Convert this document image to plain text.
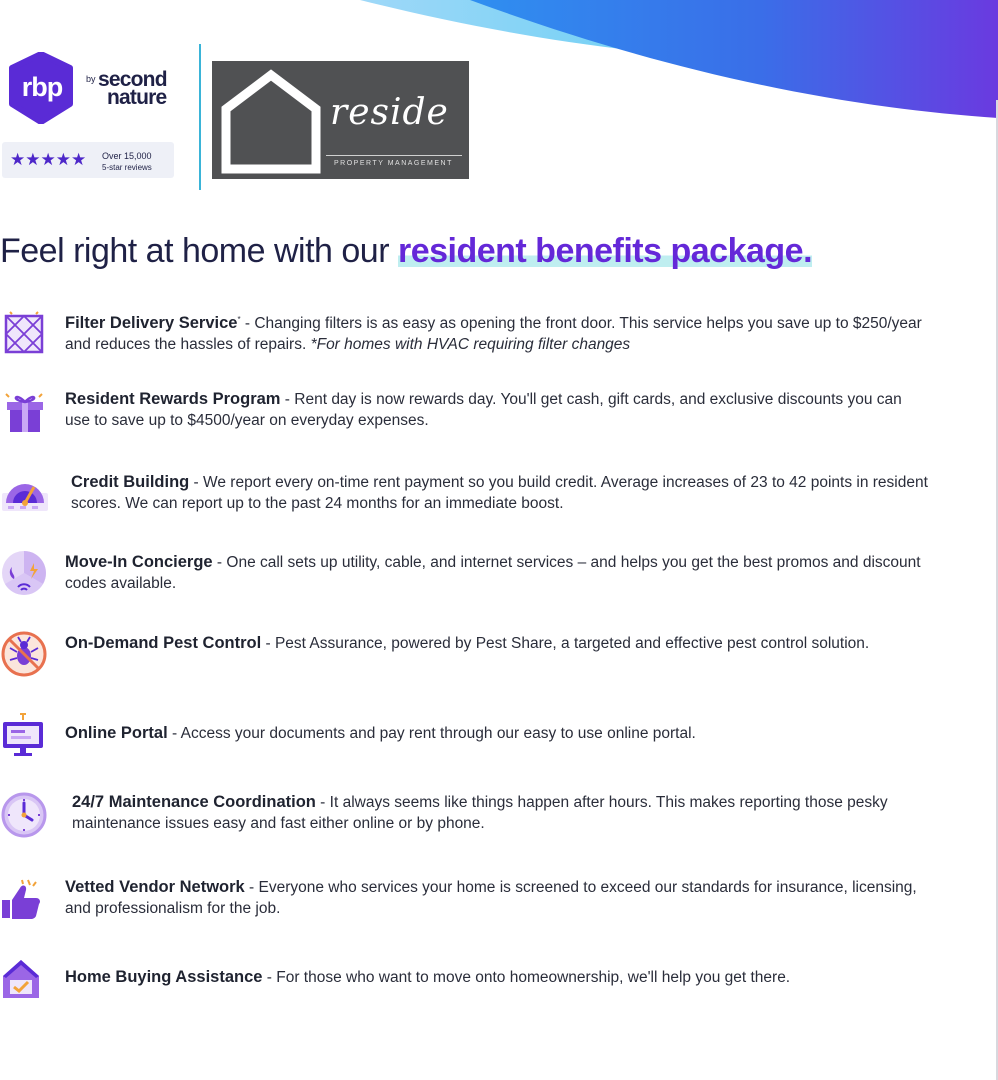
rbp	by second
nature
★★★★★ Over 15,000
5-star reviews
reside
PROPERTY MANAGEMENT
Feel right at home with our resident benefits package.
Filter Delivery Service* - Changing filters is as easy as opening the front door. This service helps you save up to $250/year and reduces the hassles of repairs. *For homes with HVAC requiring filter changes
Resident Rewards Program - Rent day is now rewards day. You'll get cash, gift cards, and exclusive discounts you can use to save up to $4500/year on everyday expenses.
Credit Building - We report every on-time rent payment so you build credit. Average increases of 23 to 42 points in resident scores. We can report up to the past 24 months for an immediate boost.
Move-In Concierge - One call sets up utility, cable, and internet services – and helps you get the best promos and discount codes available.
On-Demand Pest Control - Pest Assurance, powered by Pest Share, a targeted and effective pest control solution.
Online Portal - Access your documents and pay rent through our easy to use online portal.
24/7 Maintenance Coordination - It always seems like things happen after hours. This makes reporting those pesky maintenance issues easy and fast either online or by phone.
Vetted Vendor Network - Everyone who services your home is screened to exceed our standards for insurance, licensing, and professionalism for the job.
Home Buying Assistance - For those who want to move onto homeownership, we'll help you get there.
